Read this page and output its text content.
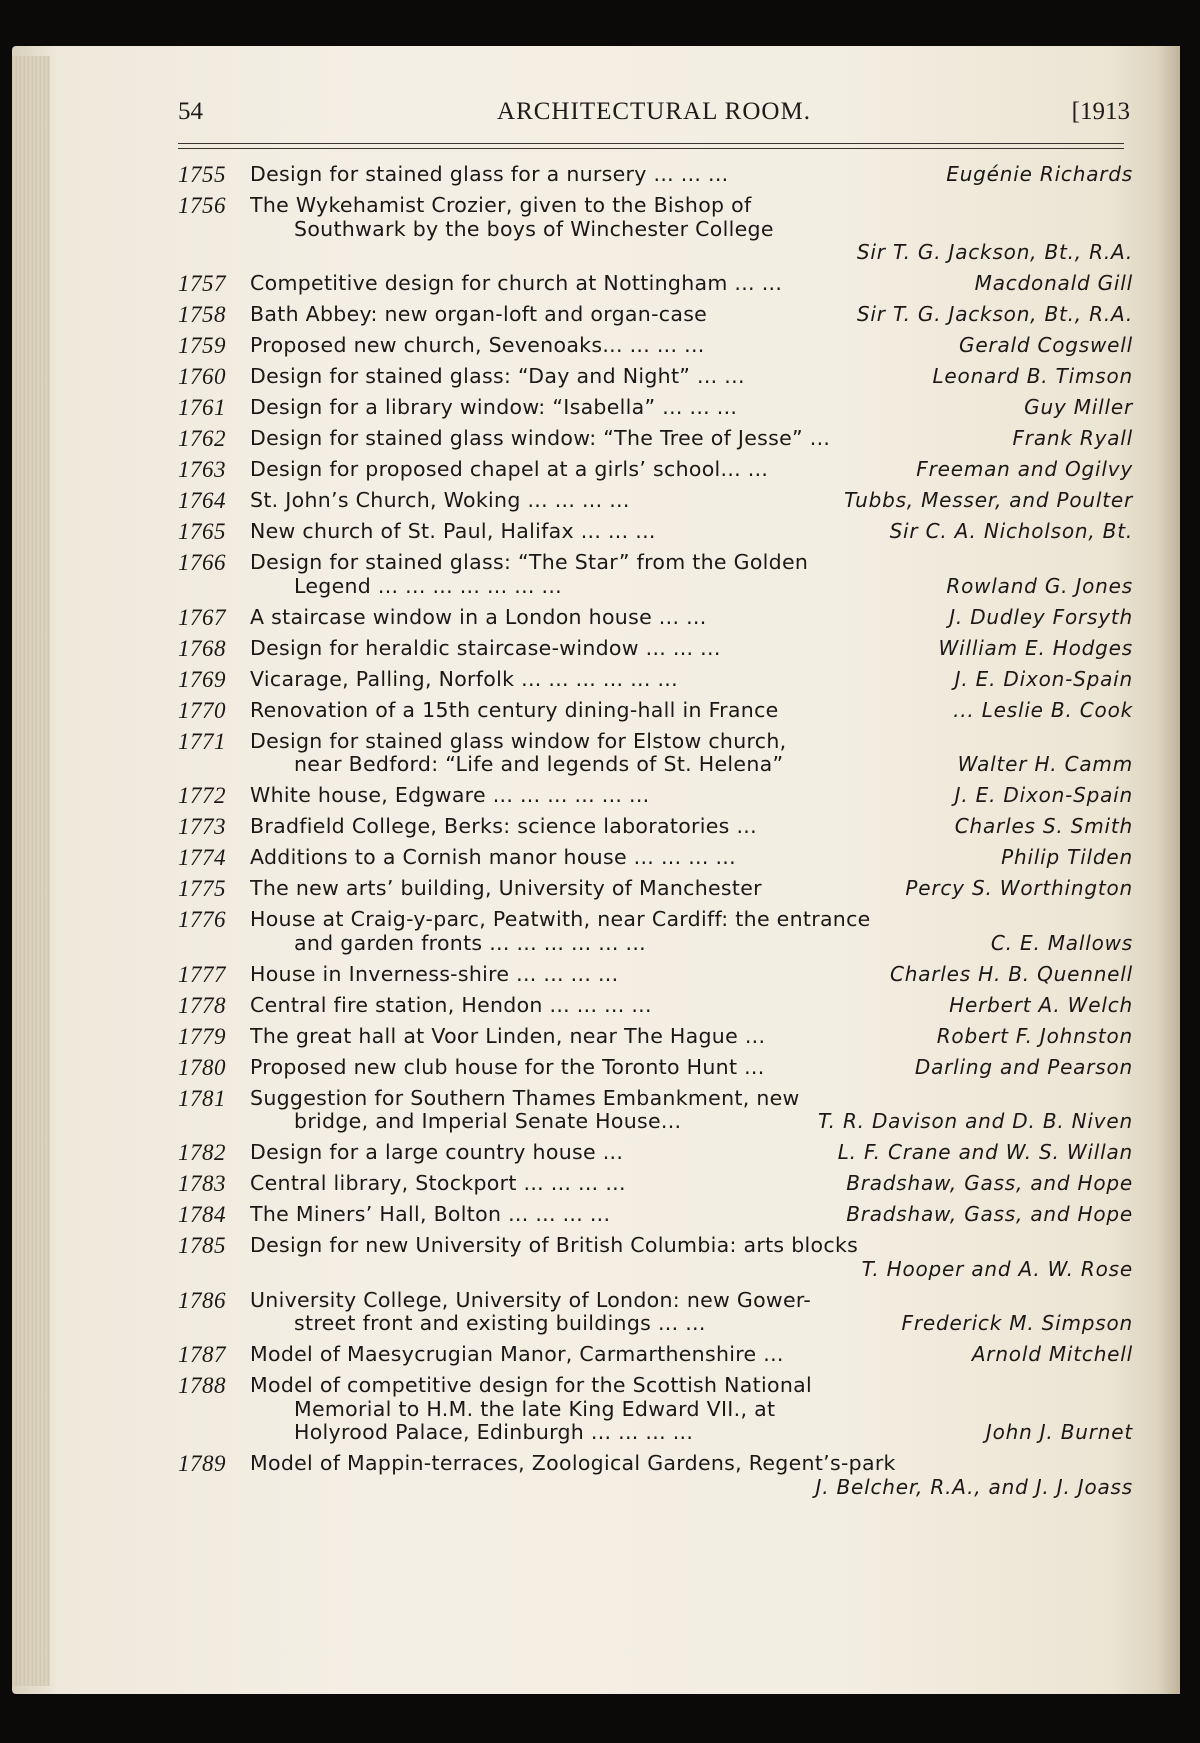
54	ARCHITECTURAL ROOM.	[1913
1755	Design for stained glass for a nursery ... ... ...	Eugénie Richards
1756	The Wykehamist Crozier, given to the Bishop of
Southwark by the boys of Winchester College
Sir T. G. Jackson, Bt., R.A.
1757	Competitive design for church at Nottingham ... ...	Macdonald Gill
1758	Bath Abbey: new organ-loft and organ-case	Sir T. G. Jackson, Bt., R.A.
1759	Proposed new church, Sevenoaks... ... ... ...	Gerald Cogswell
1760	Design for stained glass: “Day and Night” ... ...	Leonard B. Timson
1761	Design for a library window: “Isabella” ... ... ...	Guy Miller
1762	Design for stained glass window: “The Tree of Jesse” ...	Frank Ryall
1763	Design for proposed chapel at a girls’ school... ...	Freeman and Ogilvy
1764	St. John’s Church, Woking ... ... ... ...	Tubbs, Messer, and Poulter
1765	New church of St. Paul, Halifax ... ... ...	Sir C. A. Nicholson, Bt.
1766	Design for stained glass: “The Star” from the Golden
Legend ... ... ... ... ... ... ...	Rowland G. Jones
1767	A staircase window in a London house ... ...	J. Dudley Forsyth
1768	Design for heraldic staircase-window ... ... ...	William E. Hodges
1769	Vicarage, Palling, Norfolk ... ... ... ... ... ...	J. E. Dixon-Spain
1770	Renovation of a 15th century dining-hall in France	... Leslie B. Cook
1771	Design for stained glass window for Elstow church,
near Bedford: “Life and legends of St. Helena”	Walter H. Camm
1772	White house, Edgware ... ... ... ... ... ...	J. E. Dixon-Spain
1773	Bradfield College, Berks: science laboratories ...	Charles S. Smith
1774	Additions to a Cornish manor house ... ... ... ...	Philip Tilden
1775	The new arts’ building, University of Manchester	Percy S. Worthington
1776	House at Craig-y-parc, Peatwith, near Cardiff: the entrance
and garden fronts ... ... ... ... ... ...	C. E. Mallows
1777	House in Inverness-shire ... ... ... ...	Charles H. B. Quennell
1778	Central fire station, Hendon ... ... ... ...	Herbert A. Welch
1779	The great hall at Voor Linden, near The Hague ...	Robert F. Johnston
1780	Proposed new club house for the Toronto Hunt ...	Darling and Pearson
1781	Suggestion for Southern Thames Embankment, new
bridge, and Imperial Senate House...	T. R. Davison and D. B. Niven
1782	Design for a large country house ...	L. F. Crane and W. S. Willan
1783	Central library, Stockport ... ... ... ...	Bradshaw, Gass, and Hope
1784	The Miners’ Hall, Bolton ... ... ... ...	Bradshaw, Gass, and Hope
1785	Design for new University of British Columbia: arts blocks
T. Hooper and A. W. Rose
1786	University College, University of London: new Gower-
street front and existing buildings ... ...	Frederick M. Simpson
1787	Model of Maesycrugian Manor, Carmarthenshire ...	Arnold Mitchell
1788	Model of competitive design for the Scottish National
Memorial to H.M. the late King Edward VII., at
Holyrood Palace, Edinburgh ... ... ... ...	John J. Burnet
1789	Model of Mappin-terraces, Zoological Gardens, Regent’s-park
J. Belcher, R.A., and J. J. Joass
